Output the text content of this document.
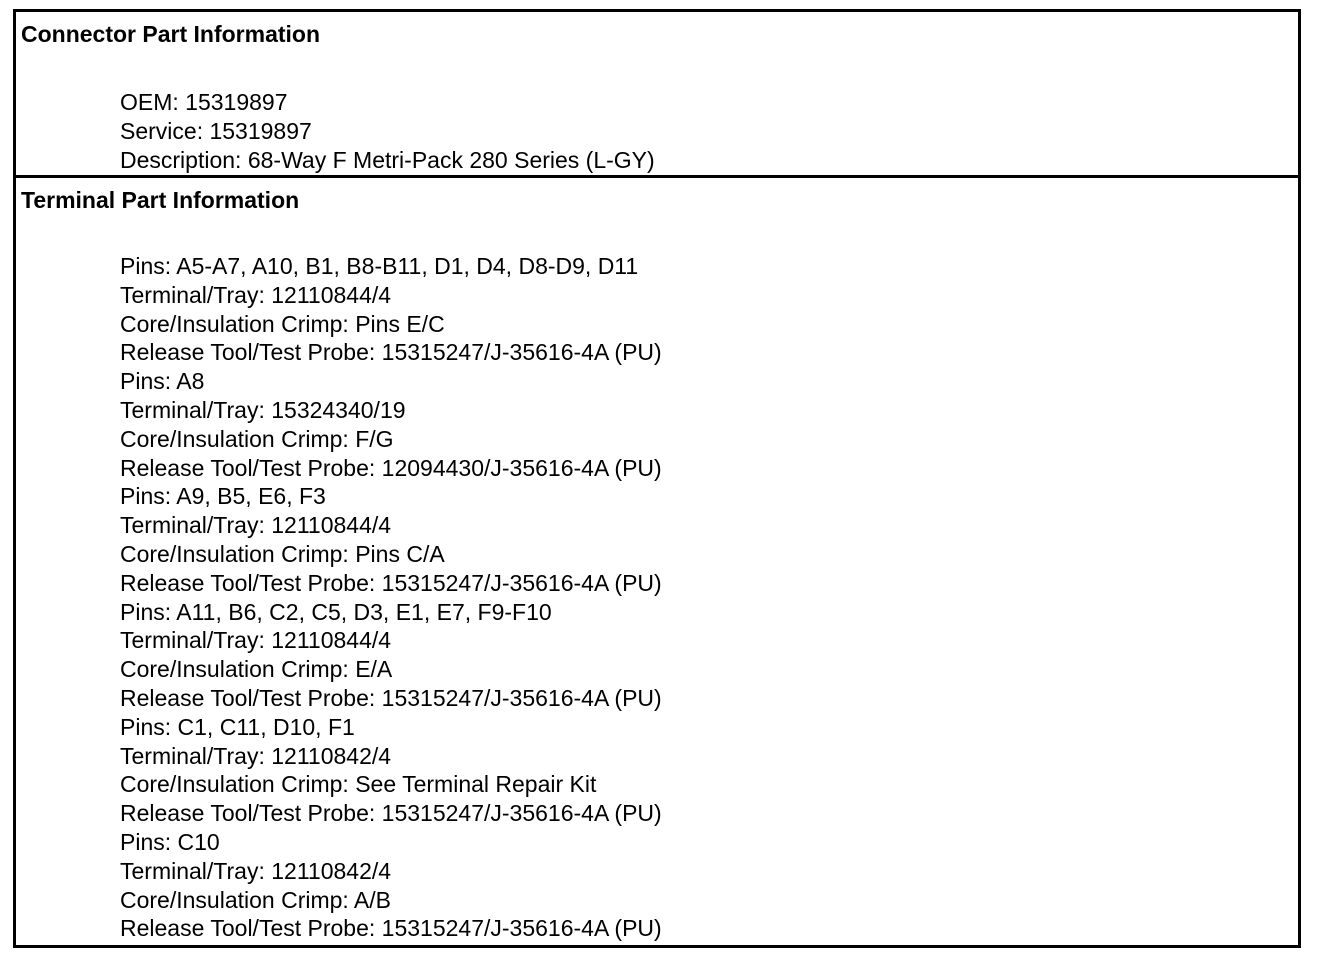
Connector Part Information
OEM: 15319897
Service: 15319897
Description: 68-Way F Metri-Pack 280 Series (L-GY)
Terminal Part Information
Pins: A5-A7, A10, B1, B8-B11, D1, D4, D8-D9, D11
Terminal/Tray: 12110844/4
Core/Insulation Crimp: Pins E/C
Release Tool/Test Probe: 15315247/J-35616-4A (PU)
Pins: A8
Terminal/Tray: 15324340/19
Core/Insulation Crimp: F/G
Release Tool/Test Probe: 12094430/J-35616-4A (PU)
Pins: A9, B5, E6, F3
Terminal/Tray: 12110844/4
Core/Insulation Crimp: Pins C/A
Release Tool/Test Probe: 15315247/J-35616-4A (PU)
Pins: A11, B6, C2, C5, D3, E1, E7, F9-F10
Terminal/Tray: 12110844/4
Core/Insulation Crimp: E/A
Release Tool/Test Probe: 15315247/J-35616-4A (PU)
Pins: C1, C11, D10, F1
Terminal/Tray: 12110842/4
Core/Insulation Crimp: See Terminal Repair Kit
Release Tool/Test Probe: 15315247/J-35616-4A (PU)
Pins: C10
Terminal/Tray: 12110842/4
Core/Insulation Crimp: A/B
Release Tool/Test Probe: 15315247/J-35616-4A (PU)
